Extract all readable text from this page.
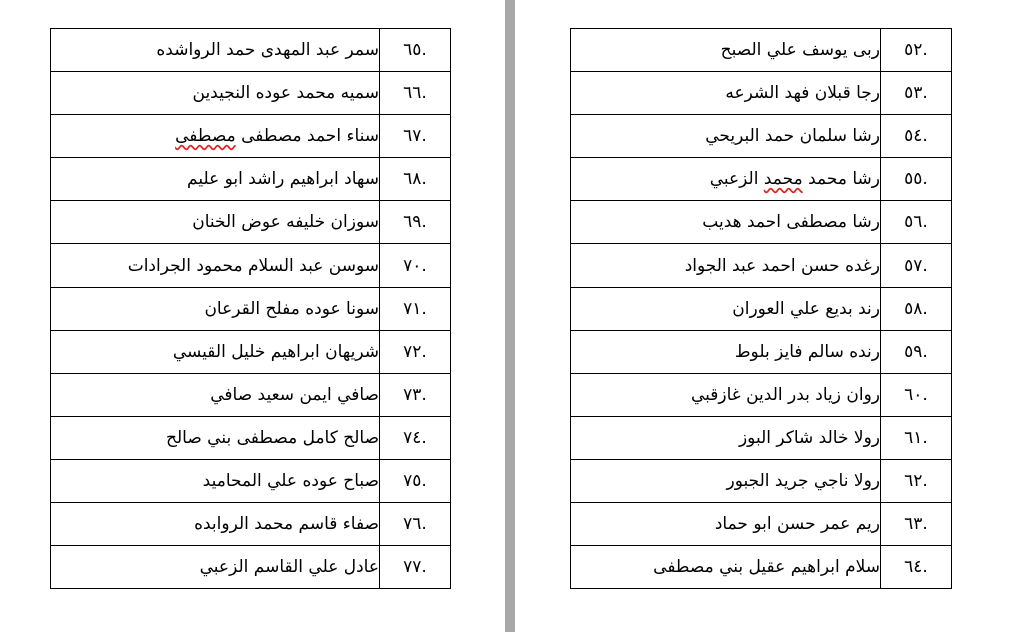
.٦٥	سمر عبد المهدى حمد الرواشده
.٦٦	سميه محمد عوده النجيدين
.٦٧	سناء احمد مصطفى مصطفى
.٦٨	سهاد ابراهيم راشد ابو عليم
.٦٩	سوزان خليفه عوض الخنان
.٧٠	سوسن عبد السلام محمود الجرادات
.٧١	سونا عوده مفلح القرعان
.٧٢	شريهان ابراهيم خليل القيسي
.٧٣	صافي ايمن سعيد صافي
.٧٤	صالح كامل مصطفى بني صالح
.٧٥	صباح عوده علي المحاميد
.٧٦	صفاء قاسم محمد الروابده
.٧٧	عادل علي القاسم الزعبي
.٥٢	ربى يوسف علي الصبح
.٥٣	رجا قبلان فهد الشرعه
.٥٤	رشا سلمان حمد البريحي
.٥٥	رشا محمد محمد الزعبي
.٥٦	رشا مصطفى احمد هديب
.٥٧	رغده حسن احمد عبد الجواد
.٥٨	رند بديع علي العوران
.٥٩	رنده سالم فايز بلوط
.٦٠	روان زياد بدر الدين غازقبي
.٦١	رولا خالد شاكر البوز
.٦٢	رولا ناجي جريد الجبور
.٦٣	ريم عمر حسن ابو حماد
.٦٤	سلام ابراهيم عقيل بني مصطفى
